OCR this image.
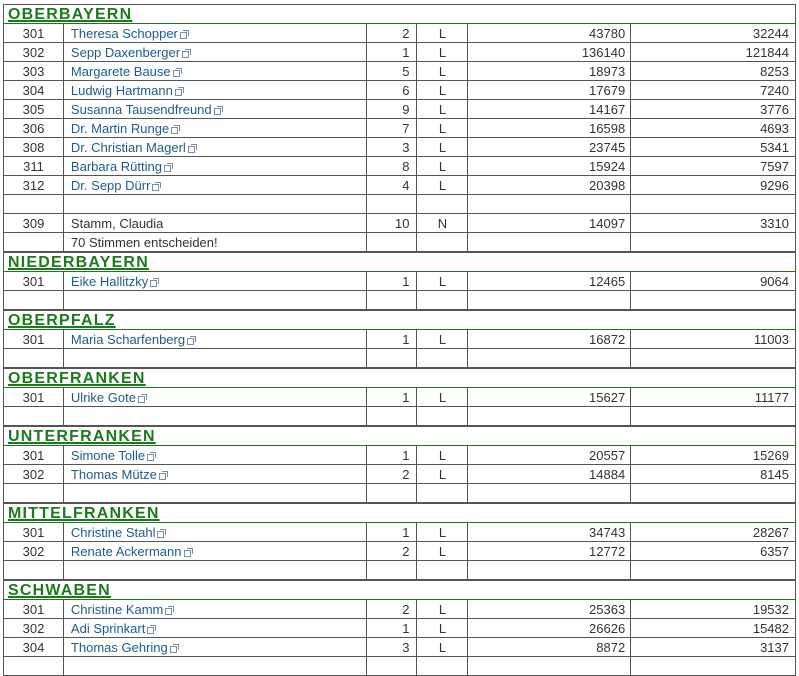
OBERBAYERN
301	Theresa Schopper	2	L	43780	32244
302	Sepp Daxenberger	1	L	136140	121844
303	Margarete Bause	5	L	18973	8253
304	Ludwig Hartmann	6	L	17679	7240
305	Susanna Tausendfreund	9	L	14167	3776
306	Dr. Martin Runge	7	L	16598	4693
308	Dr. Christian Magerl	3	L	23745	5341
311	Barbara Rütting	8	L	15924	7597
312	Dr. Sepp Dürr	4	L	20398	9296
309	Stamm, Claudia	10	N	14097	3310
70 Stimmen entscheiden!
NIEDERBAYERN
301	Eike Hallitzky	1	L	12465	9064
OBERPFALZ
301	Maria Scharfenberg	1	L	16872	11003
OBERFRANKEN
301	Ulrike Gote	1	L	15627	11177
UNTERFRANKEN
301	Simone Tolle	1	L	20557	15269
302	Thomas Mütze	2	L	14884	8145
MITTELFRANKEN
301	Christine Stahl	1	L	34743	28267
302	Renate Ackermann	2	L	12772	6357
SCHWABEN
301	Christine Kamm	2	L	25363	19532
302	Adi Sprinkart	1	L	26626	15482
304	Thomas Gehring	3	L	8872	3137
